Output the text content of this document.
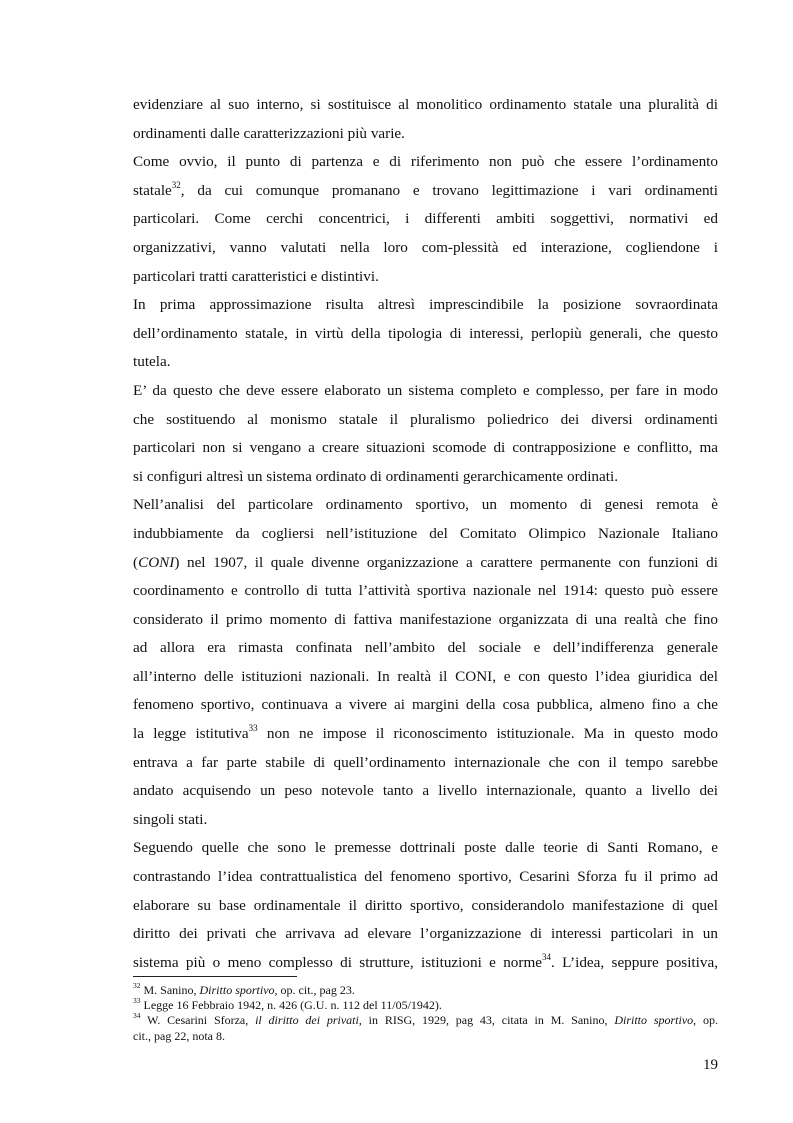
evidenziare al suo interno, si sostituisce al monolitico ordinamento statale una pluralità di
ordinamenti dalle caratterizzazioni più varie.
Come ovvio, il punto di partenza e di riferimento non può che essere l’ordinamento
statale$^{32}$, da cui comunque promanano e trovano legittimazione i vari ordinamenti
particolari. Come cerchi concentrici, i differenti ambiti soggettivi, normativi ed
organizzativi, vanno valutati nella loro com-plessità ed interazione, cogliendone i
particolari tratti caratteristici e distintivi.
In prima approssimazione risulta altresì imprescindibile la posizione sovraordinata
dell’ordinamento statale, in virtù della tipologia di interessi, perlopiù generali, che questo
tutela.
E’ da questo che deve essere elaborato un sistema completo e complesso, per fare in modo
che sostituendo al monismo statale il pluralismo poliedrico dei diversi ordinamenti
particolari non si vengano a creare situazioni scomode di contrapposizione e conflitto, ma
si configuri altresì un sistema ordinato di ordinamenti gerarchicamente ordinati.
Nell’analisi del particolare ordinamento sportivo, un momento di genesi remota è
indubbiamente da cogliersi nell’istituzione del Comitato Olimpico Nazionale Italiano
(CONI) nel 1907, il quale divenne organizzazione a carattere permanente con funzioni di
coordinamento e controllo di tutta l’attività sportiva nazionale nel 1914: questo può essere
considerato il primo momento di fattiva manifestazione organizzata di una realtà che fino
ad allora era rimasta confinata nell’ambito del sociale e dell’indifferenza generale
all’interno delle istituzioni nazionali. In realtà il CONI, e con questo l’idea giuridica del
fenomeno sportivo, continuava a vivere ai margini della cosa pubblica, almeno fino a che
la legge istitutiva$^{33}$ non ne impose il riconoscimento istituzionale. Ma in questo modo
entrava a far parte stabile di quell’ordinamento internazionale che con il tempo sarebbe
andato acquisendo un peso notevole tanto a livello internazionale, quanto a livello dei
singoli stati.
Seguendo quelle che sono le premesse dottrinali poste dalle teorie di Santi Romano, e
contrastando l’idea contrattualistica del fenomeno sportivo, Cesarini Sforza fu il primo ad
elaborare su base ordinamentale il diritto sportivo, considerandolo manifestazione di quel
diritto dei privati che arrivava ad elevare l’organizzazione di interessi particolari in un
sistema più o meno complesso di strutture, istituzioni e norme$^{34}$. L’idea, seppure positiva,
$^{32}$ M. Sanino, Diritto sportivo, op. cit., pag 23.
$^{33}$ Legge 16 Febbraio 1942, n. 426 (G.U. n. 112 del 11/05/1942).
$^{34}$ W. Cesarini Sforza, il diritto dei privati, in RISG, 1929, pag 43, citata in M. Sanino, Diritto sportivo, op.
cit., pag 22, nota 8.
19
